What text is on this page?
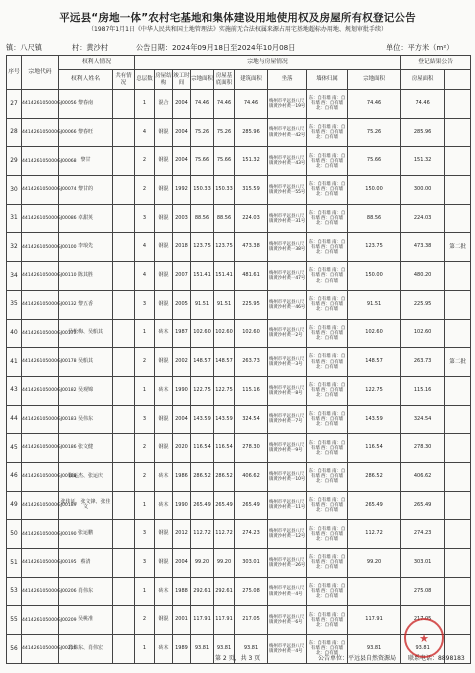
平远县“房地一体”农村宅基地和集体建设用地使用权及房屋所有权登记公告
（1987年1月1日《中华人民共和国土地管理法》实施前无合法权属来源占用宅基地超标办用地、规划审批手续）
镇：八尺镇	村：黄沙村	公告日期：2024年09月18日至2024年10月08日	单位：平方米（m²）
序号	宗地代码	权利人情况		宗地与房屋情况									登记結果公告	
		权利人姓名	共有情况	总层数	房屋结构	竣工时间	宗地面积	房屋基底面积	建筑面积	坐落	墙体归属	宗地面积	房屋面积		
27	441426105000GJ00056	黎春南		1	混合	2004	74.46	74.46	74.46	梅州市平远县八尺镇黄沙村黄一19号	东：自有墙 南：自有墙 西：自有墙 北：自有墙	74.46	74.46		
28	441426105000GJ00066	黎春旺		4	钢混	2004	75.26	75.26	285.96	梅州市平远县八尺镇黄沙村黄一42号	东：自有墙 南：自有墙 西：自有墙 北：自有墙	75.26	285.96		
29	441426105000GJ00068	黎甘		2	钢混	2004	75.66	75.66	151.32	梅州市平远县八尺镇黄沙村黄一43号	东：自有墙 南：自有墙 西：自有墙 北：自有墙	75.66	151.32		
30	441426105000GJ00074	黎甘的		2	钢混	1992	150.33	150.33	315.59	梅州市平远县八尺镇黄沙村黄一55号	东：自有墙 南：自有墙 西：自有墙 北：自有墙	150.00	300.00		
31	441426105000GJ00086	卓甜英		3	钢混	2003	88.56	88.56	224.03	梅州市平远县八尺镇黄沙村黄一31号	东：自有墙 南：自有墙 西：自有墙 北：自有墙	88.56	224.03		
32	441426105000GJ00100	李琅先		4	钢混	2018	123.75	123.75	473.38	梅州市平远县八尺镇黄沙村黄一38号	东：自有墙 南：自有墙 西：自有墙 北：自有墙	123.75	473.38	第二批	
34	441426105000GJ00110	陈其胜		4	钢混	2007	151.41	151.41	481.61	梅州市平远县八尺镇黄沙村黄一47号	东：自有墙 南：自有墙 西：自有墙 北：自有墙	150.00	480.20		
35	441426105000GJ00132	黎五香		3	钢混	2005	91.51	91.51	225.95	梅州市平远县八尺镇黄沙村黄一46号	东：自有墙 南：自有墙 西：自有墙 北：自有墙	91.51	225.95		
40	441426105000GJ00177	吴松梅、吴船其		1	砖木	1987	102.60	102.60	102.60	梅州市平远县八尺镇黄沙村黄一2号	东：自有墙 南：自有墙 西：自有墙 北：自有墙	102.60	102.60		
41	441426105000GJ00178	吴船其		2	钢混	2002	148.57	148.57	263.73	梅州市平远县八尺镇黄沙村黄一3号	东：自有墙 南：自有墙 西：自有墙 北：自有墙	148.57	263.73	第二批	
43	441426105000GJ00182	吴观锦		1	砖木	1990	122.75	122.75	115.16	梅州市平远县八尺镇黄沙村黄一8号	东：自有墙 南：自有墙 西：自有墙 北：自有墙	122.75	115.16		
44	441426105000GJ00183	吴伟东		3	钢混	2004	143.59	143.59	324.54	梅州市平远县八尺镇黄沙村黄一7号	东：自有墙 南：自有墙 西：自有墙 北：自有墙	143.59	324.54		
45	441426105000GJ00186	张文健		2	钢混	2020	116.54	116.54	278.30	梅州市平远县八尺镇黄沙村黄一9号	东：自有墙 南：自有墙 西：自有墙 北：自有墙	116.54	278.30		
46	441426105000GJ00188	张运杰、张运庆		2	砖木	1986	286.52	286.52	406.62	梅州市平远县八尺镇黄沙村黄一10号	东：自有墙 南：自有墙 西：自有墙 北：自有墙	286.52	406.62		
49	441426105000GJ00189	张佳证、张文锋、张佳文		1	砖木	1990	265.49	265.49	265.49	梅州市平远县八尺镇黄沙村黄一11号	东：自有墙 南：自有墙 西：自有墙 北：自有墙	265.49	265.49		
50	441426105000GJ00190	张运鹏		3	钢混	2012	112.72	112.72	274.23	梅州市平远县八尺镇黄沙村黄一12号	东：自有墙 南：自有墙 西：自有墙 北：自有墙	112.72	274.23		
51	441426105000GJ00195	蔡清		3	钢混	2004	99.20	99.20	303.01	梅州市平远县八尺镇黄沙村黄一26号	东：自有墙 南：自有墙 西：自有墙 北：自有墙	99.20	303.01		
53	441426105000GJ00206	肖伟东		1	砖木	1988	292.61	292.61	275.08	梅州市平远县八尺镇黄沙村黄一4号	东：自有墙 南：自有墙 西：自有墙 北：自有墙		275.08		
55	441426105000GJ00209	吴桃准		2	钢混	2001	117.91	117.91	217.05	梅州市平远县八尺镇黄沙村黄一6号	东：自有墙 南：自有墙 西：自有墙 北：自有墙	117.91	217.05		
56	441426105000GJ00216	肖伟东、肖伟宏		1	砖木	1989	93.81	93.81	93.81	梅州市平远县八尺镇黄沙村黄一4号	东：自有墙 南：自有墙 西：自有墙 北：自有墙	93.81	93.81		
第 2 页，共 3 页	公告单位：平远县自然资源局 联系电话：8898183
★
